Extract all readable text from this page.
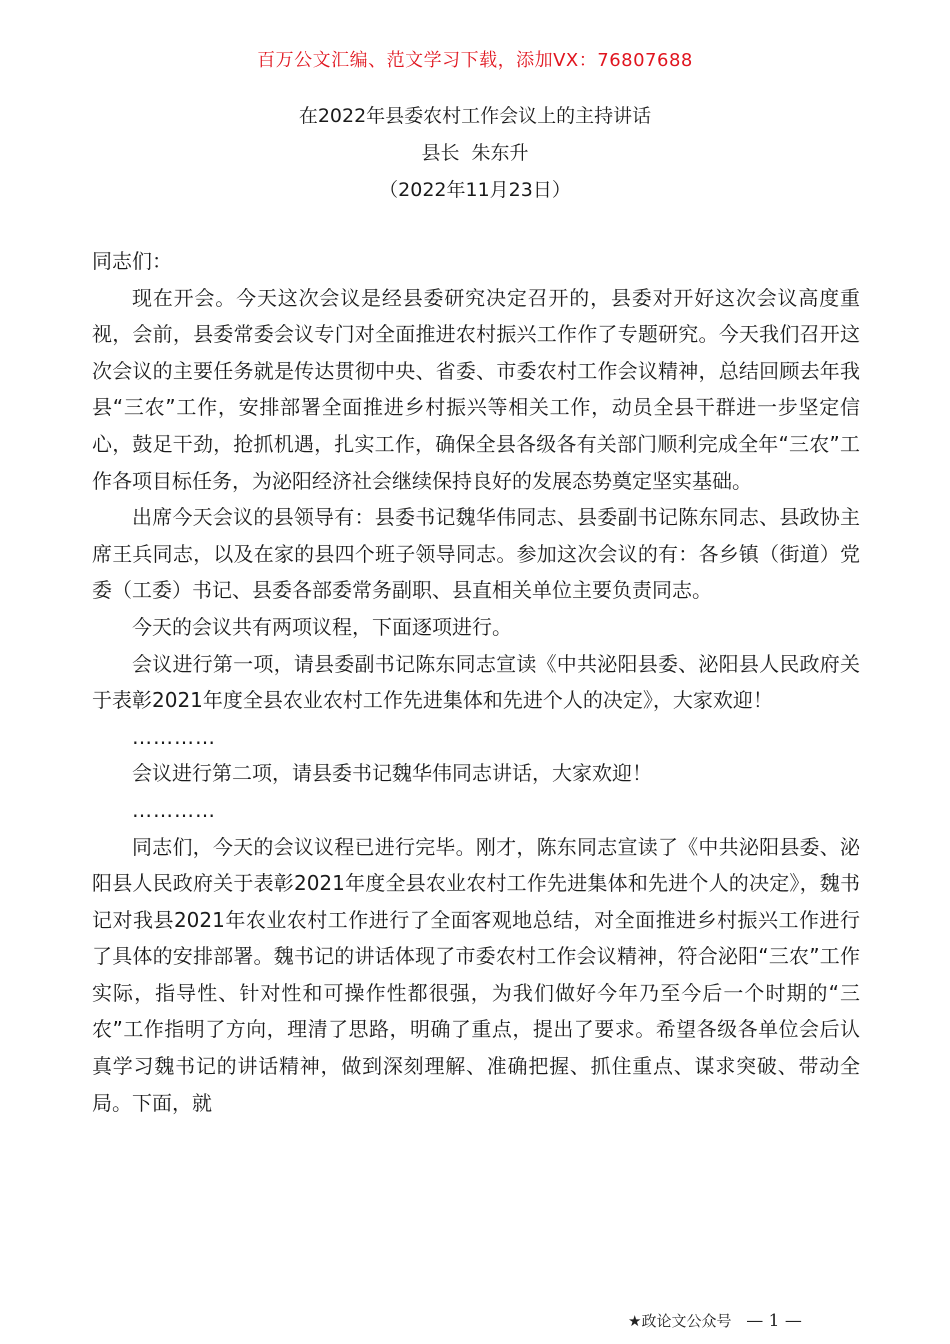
百万公文汇编、范文学习下载，添加VX：76807688
在2022年县委农村工作会议上的主持讲话
县长  朱东升
（2022年11月23日）

同志们：

现在开会。今天这次会议是经县委研究决定召开的，县委对开好这次会议高度重视，会前，县委常委会议专门对全面推进农村振兴工作作了专题研究。今天我们召开这次会议的主要任务就是传达贯彻中央、省委、市委农村工作会议精神，总结回顾去年我县“三农”工作，安排部署全面推进乡村振兴等相关工作，动员全县干群进一步坚定信心，鼓足干劲，抢抓机遇，扎实工作，确保全县各级各有关部门顺利完成全年“三农”工作各项目标任务，为泌阳经济社会继续保持良好的发展态势奠定坚实基础。

出席今天会议的县领导有：县委书记魏华伟同志、县委副书记陈东同志、县政协主席王兵同志，以及在家的县四个班子领导同志。参加这次会议的有：各乡镇（街道）党委（工委）书记、县委各部委常务副职、县直相关单位主要负责同志。

今天的会议共有两项议程，下面逐项进行。

会议进行第一项，请县委副书记陈东同志宣读《中共泌阳县委、泌阳县人民政府关于表彰2021年度全县农业农村工作先进集体和先进个人的决定》，大家欢迎！

…………

会议进行第二项，请县委书记魏华伟同志讲话，大家欢迎！

…………

同志们，今天的会议议程已进行完毕。刚才，陈东同志宣读了《中共泌阳县委、泌阳县人民政府关于表彰2021年度全县农业农村工作先进集体和先进个人的决定》，魏书记对我县2021年农业农村工作进行了全面客观地总结，对全面推进乡村振兴工作进行了具体的安排部署。魏书记的讲话体现了市委农村工作会议精神，符合泌阳“三农”工作实际，指导性、针对性和可操作性都很强，为我们做好今年乃至今后一个时期的“三农”工作指明了方向，理清了思路，明确了重点，提出了要求。希望各级各单位会后认真学习魏书记的讲话精神，做到深刻理解、准确把握、抓住重点、谋求突破、带动全局。下面，就

★政论文公众号 — 1 —
